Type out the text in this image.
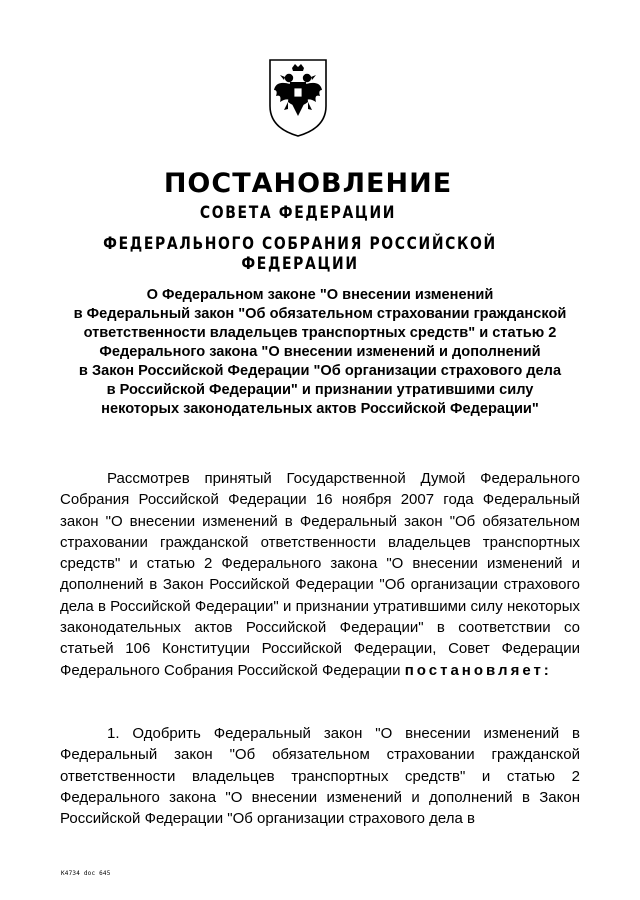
ПОСТАНОВЛЕНИЕ
СОВЕТА ФЕДЕРАЦИИ
ФЕДЕРАЛЬНОГО СОБРАНИЯ РОССИЙСКОЙ ФЕДЕРАЦИИ
О Федеральном законе "О внесении изменений
в Федеральный закон "Об обязательном страховании гражданской
ответственности владельцев транспортных средств" и статью 2
Федерального закона "О внесении изменений и дополнений
в Закон Российской Федерации "Об организации страхового дела
в Российской Федерации" и признании утратившими силу
некоторых законодательных актов Российской Федерации"

Рассмотрев принятый Государственной Думой Федерального Собрания Российской Федерации 16 ноября 2007 года Федеральный закон "О внесении изменений в Федеральный закон "Об обязательном страховании гражданской ответственности владельцев транспортных средств" и статью 2 Федерального закона "О внесении изменений и дополнений в Закон Российской Федерации "Об организации страхового дела в Российской Федерации" и признании утратившими силу некоторых законодательных актов Российской Федерации" в соответствии со статьей 106 Конституции Российской Федерации, Совет Федерации Федерального Собрания Российской Федерации постановляет:

1. Одобрить Федеральный закон "О внесении изменений в Федеральный закон "Об обязательном страховании гражданской ответственности владельцев транспортных средств" и статью 2 Федерального закона "О внесении изменений и дополнений в Закон Российской Федерации "Об организации страхового дела в

К4734 doc 645
